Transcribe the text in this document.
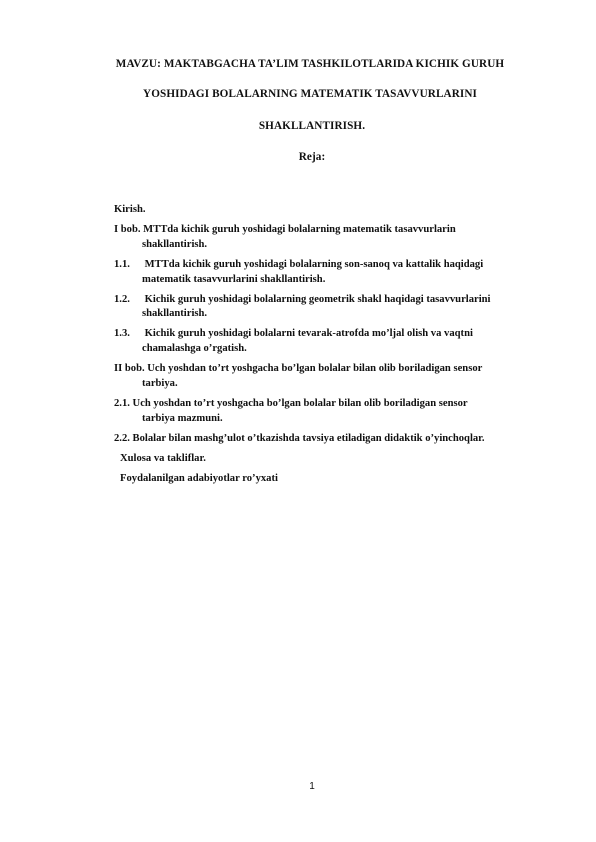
MAVZU: MAKTABGACHA TA’LIM TASHKILOTLARIDA KICHIK GURUH
YOSHIDAGI BOLALARNING MATEMATIK TASAVVURLARINI
SHAKLLANTIRISH.
Reja:
Kirish.
I bob. MTTda kichik guruh yoshidagi bolalarning matematik tasavvurlarin
shakllantirish.
1.1. MTTda kichik guruh yoshidagi bolalarning son-sanoq va kattalik haqidagi
matematik tasavvurlarini shakllantirish.
1.2. Kichik guruh yoshidagi bolalarning geometrik shakl haqidagi tasavvurlarini
shakllantirish.
1.3. Kichik guruh yoshidagi bolalarni tevarak-atrofda mo’ljal olish va vaqtni
chamalashga o’rgatish.
II bob. Uch yoshdan to’rt yoshgacha bo’lgan bolalar bilan olib boriladigan sensor
tarbiya.
2.1. Uch yoshdan to’rt yoshgacha bo’lgan bolalar bilan olib boriladigan sensor
tarbiya mazmuni.
2.2. Bolalar bilan mashg’ulot o’tkazishda tavsiya etiladigan didaktik o’yinchoqlar.
Xulosa va takliflar.
Foydalanilgan adabiyotlar ro’yxati
1
